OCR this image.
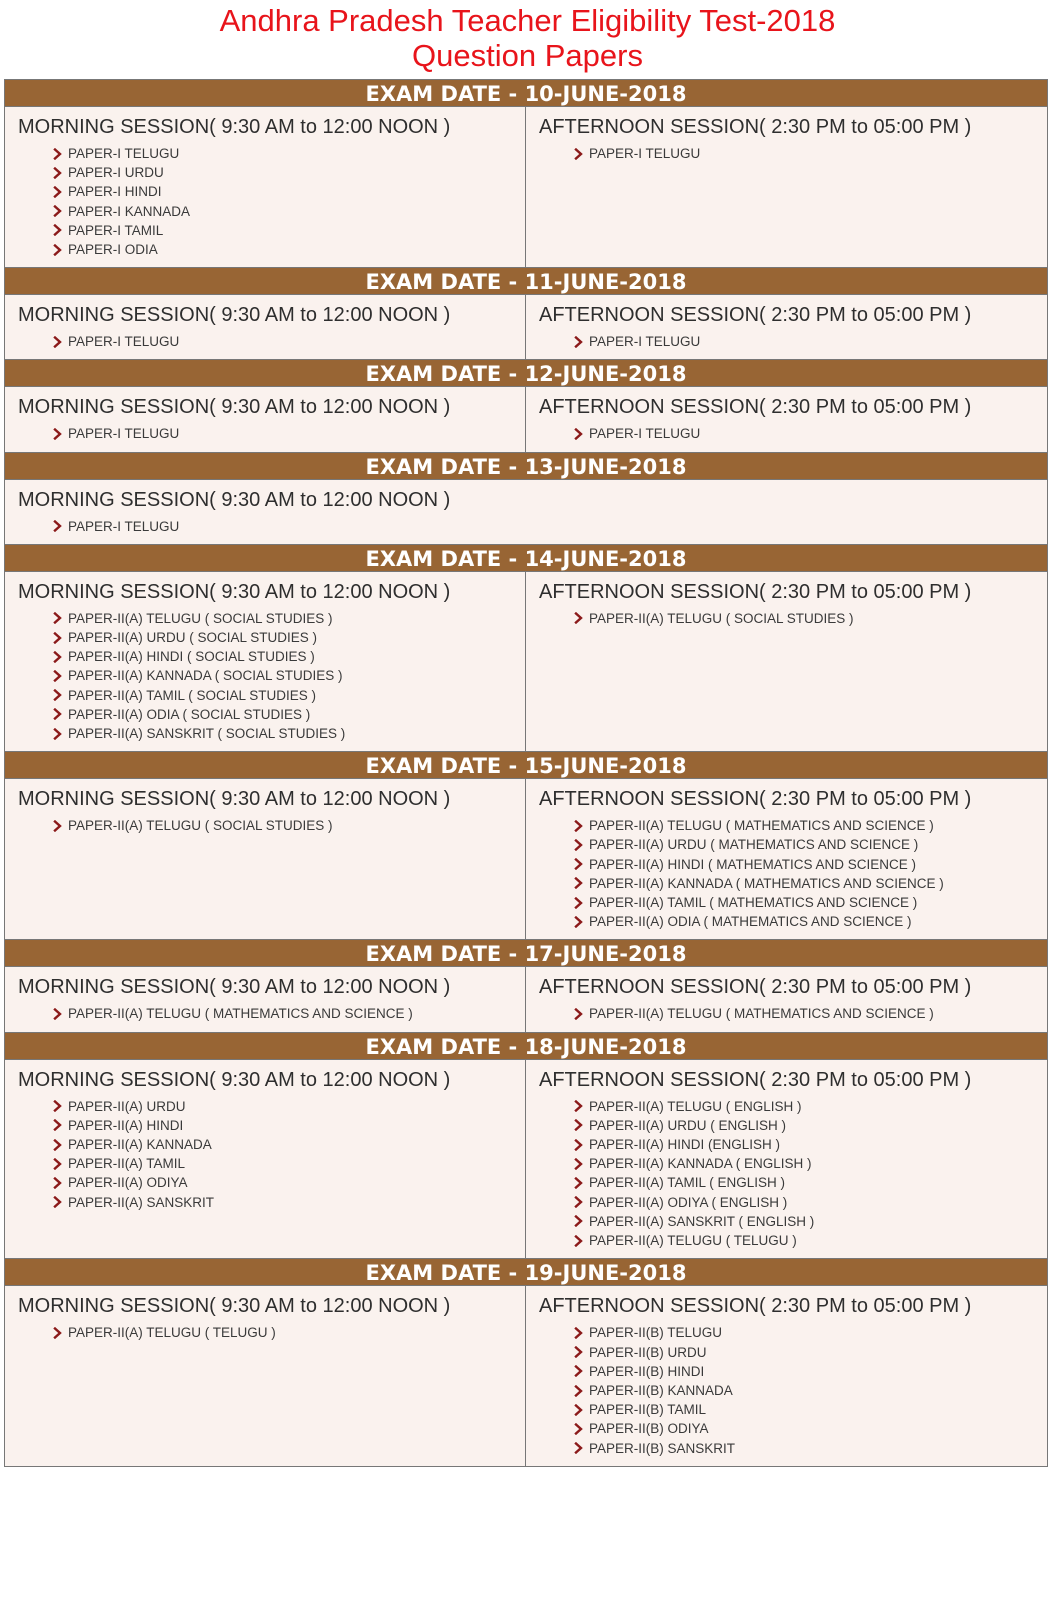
Andhra Pradesh Teacher Eligibility Test-2018
Question Papers
EXAM DATE - 10-JUNE-2018
MORNING SESSION( 9:30 AM to 12:00 NOON )
PAPER-I TELUGU
PAPER-I URDU
PAPER-I HINDI
PAPER-I KANNADA
PAPER-I TAMIL
PAPER-I ODIA
AFTERNOON SESSION( 2:30 PM to 05:00 PM )
PAPER-I TELUGU
EXAM DATE - 11-JUNE-2018
MORNING SESSION( 9:30 AM to 12:00 NOON )
PAPER-I TELUGU
AFTERNOON SESSION( 2:30 PM to 05:00 PM )
PAPER-I TELUGU
EXAM DATE - 12-JUNE-2018
MORNING SESSION( 9:30 AM to 12:00 NOON )
PAPER-I TELUGU
AFTERNOON SESSION( 2:30 PM to 05:00 PM )
PAPER-I TELUGU
EXAM DATE - 13-JUNE-2018
MORNING SESSION( 9:30 AM to 12:00 NOON )
PAPER-I TELUGU
EXAM DATE - 14-JUNE-2018
MORNING SESSION( 9:30 AM to 12:00 NOON )
PAPER-II(A) TELUGU ( SOCIAL STUDIES )
PAPER-II(A) URDU ( SOCIAL STUDIES )
PAPER-II(A) HINDI ( SOCIAL STUDIES )
PAPER-II(A) KANNADA ( SOCIAL STUDIES )
PAPER-II(A) TAMIL ( SOCIAL STUDIES )
PAPER-II(A) ODIA ( SOCIAL STUDIES )
PAPER-II(A) SANSKRIT ( SOCIAL STUDIES )
AFTERNOON SESSION( 2:30 PM to 05:00 PM )
PAPER-II(A) TELUGU ( SOCIAL STUDIES )
EXAM DATE - 15-JUNE-2018
MORNING SESSION( 9:30 AM to 12:00 NOON )
PAPER-II(A) TELUGU ( SOCIAL STUDIES )
AFTERNOON SESSION( 2:30 PM to 05:00 PM )
PAPER-II(A) TELUGU ( MATHEMATICS AND SCIENCE )
PAPER-II(A) URDU ( MATHEMATICS AND SCIENCE )
PAPER-II(A) HINDI ( MATHEMATICS AND SCIENCE )
PAPER-II(A) KANNADA ( MATHEMATICS AND SCIENCE )
PAPER-II(A) TAMIL ( MATHEMATICS AND SCIENCE )
PAPER-II(A) ODIA ( MATHEMATICS AND SCIENCE )
EXAM DATE - 17-JUNE-2018
MORNING SESSION( 9:30 AM to 12:00 NOON )
PAPER-II(A) TELUGU ( MATHEMATICS AND SCIENCE )
AFTERNOON SESSION( 2:30 PM to 05:00 PM )
PAPER-II(A) TELUGU ( MATHEMATICS AND SCIENCE )
EXAM DATE - 18-JUNE-2018
MORNING SESSION( 9:30 AM to 12:00 NOON )
PAPER-II(A) URDU
PAPER-II(A) HINDI
PAPER-II(A) KANNADA
PAPER-II(A) TAMIL
PAPER-II(A) ODIYA
PAPER-II(A) SANSKRIT
AFTERNOON SESSION( 2:30 PM to 05:00 PM )
PAPER-II(A) TELUGU ( ENGLISH )
PAPER-II(A) URDU ( ENGLISH )
PAPER-II(A) HINDI (ENGLISH )
PAPER-II(A) KANNADA ( ENGLISH )
PAPER-II(A) TAMIL ( ENGLISH )
PAPER-II(A) ODIYA ( ENGLISH )
PAPER-II(A) SANSKRIT ( ENGLISH )
PAPER-II(A) TELUGU ( TELUGU )
EXAM DATE - 19-JUNE-2018
MORNING SESSION( 9:30 AM to 12:00 NOON )
PAPER-II(A) TELUGU ( TELUGU )
AFTERNOON SESSION( 2:30 PM to 05:00 PM )
PAPER-II(B) TELUGU
PAPER-II(B) URDU
PAPER-II(B) HINDI
PAPER-II(B) KANNADA
PAPER-II(B) TAMIL
PAPER-II(B) ODIYA
PAPER-II(B) SANSKRIT
